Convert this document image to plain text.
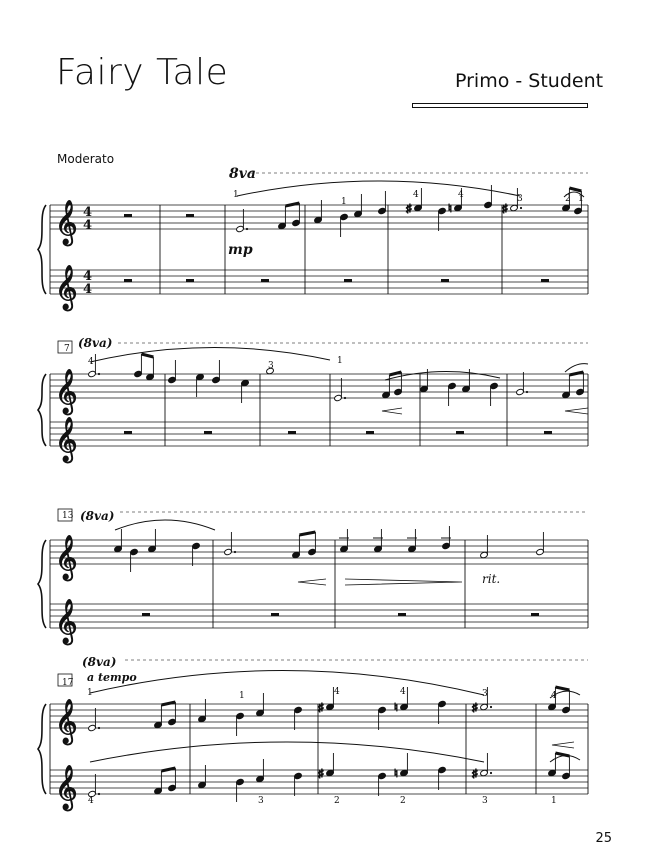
Fairy Tale	Primo - Student
Moderato
25
𝄞
𝄞
♯	♮	♯
𝄞
𝄞
𝄞
𝄞
𝄞
𝄞
♯	♮	♯
♯	♮	♯
8va
mp
4
4
4
4
1
1
4	4	3	2 1
7 (8va)
4	3	1
13 (8va)
rit.
17
(8va)
a tempo
1	1	4	4	3	4
4	3	2	2	3	1
